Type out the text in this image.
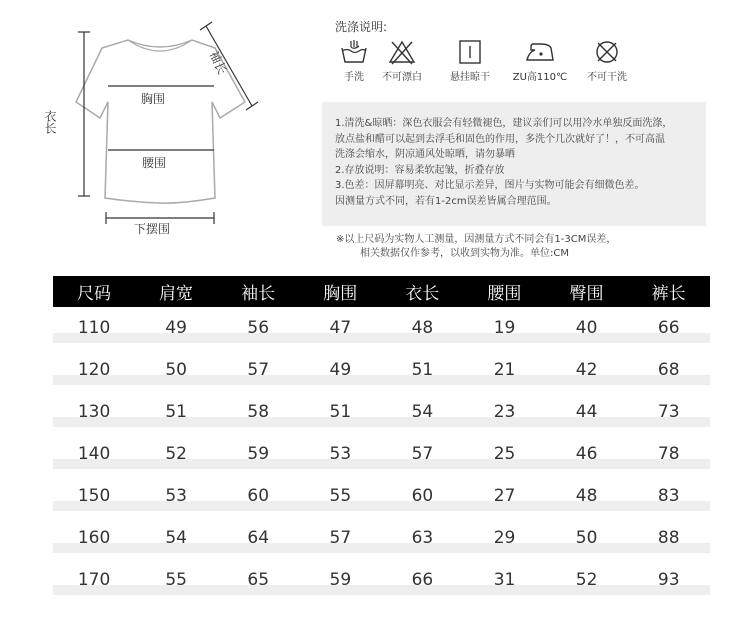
袖长
衣长
胸围
腰围
下摆围
洗涤说明:
手洗	不可漂白	悬挂晾干	ZU高110℃	不可干洗
1.清洗&晾晒：深色衣服会有轻微褪色，建议亲们可以用冷水单独反面洗涤，
放点盐和醋可以起到去浮毛和固色的作用，多洗个几次就好了！，不可高温
洗涤会缩水，阴凉通风处晾晒，请勿暴晒
2.存放说明：容易柔软起皱，折叠存放
3.色差：因屏幕明亮、对比显示差异，图片与实物可能会有细微色差。
因测量方式不同，若有1-2cm误差皆属合理范围。
※以上尺码为实物人工测量，因测量方式不同会有1-3CM误差，
相关数据仅作参考，以收到实物为准。单位:CM
尺码	肩宽	袖长	胸围	衣长	腰围	臀围	裤长
110	49	56	47	48	19	40	66
120	50	57	49	51	21	42	68
130	51	58	51	54	23	44	73
140	52	59	53	57	25	46	78
150	53	60	55	60	27	48	83
160	54	64	57	63	29	50	88
170	55	65	59	66	31	52	93
